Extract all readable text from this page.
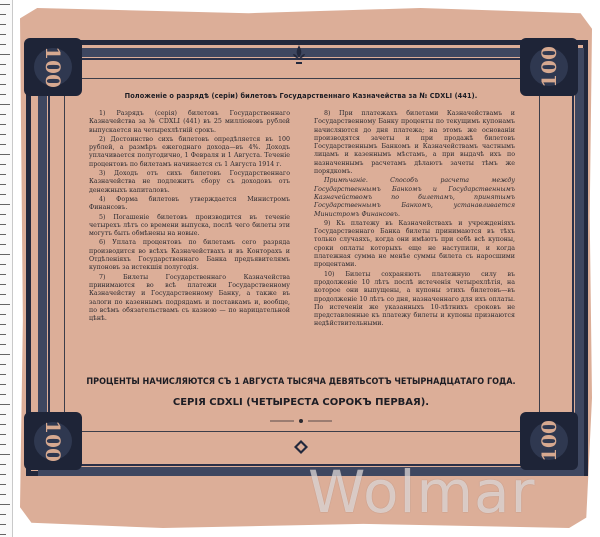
100	100
100	100
Положеніе о разрядѣ (серіи) билетовъ Государственнаго Казначейства за № CDXLI (441).

1) Разрядъ (серія) билетовъ Государственнаго Казначейства за № CDXLI (441) въ 25 милліоновъ рублей выпускается на четырехлѣтній срокъ.

2) Достоинство сихъ билетовъ опредѣляется въ 100 рублей, а размѣръ ежегоднаго дохода—въ 4%. Доходъ уплачивается полугодично, 1 Февраля и 1 Августа. Теченіе процентовъ по билетамъ начинается съ 1 Августа 1914 г.

3) Доходъ отъ сихъ билетовъ Государственнаго Казначейства не подлежитъ сбору съ доходовъ отъ денежныхъ капиталовъ.

4) Форма билетовъ утверждается Министромъ Финансовъ.

5) Погашеніе билетовъ производится въ теченіе четырехъ лѣтъ со времени выпуска, послѣ чего билеты эти могутъ быть обмѣнены на новые.

6) Уплата процентовъ по билетамъ сего разряда производится во всѣхъ Казначействахъ и въ Конторахъ и Отдѣленіяхъ Государственнаго Банка предъявителямъ купоновъ за истекшія полугодія.

7) Билеты Государственнаго Казначейства принимаются во всѣ платежи Государственному Казначейству и Государственному Банку, а также въ залоги по казеннымъ подрядамъ и поставкамъ и, вообще, по всѣмъ обязательствамъ съ казною — по нарицательной цѣнѣ.

8) При платежахъ билетами Казначействамъ и Государственному Банку проценты по текущимъ купонамъ начисляются до дня платежа; на этомъ же основаніи производятся зачеты и при продажѣ билетовъ Государственнымъ Банкомъ и Казначействамъ частнымъ лицамъ и казеннымъ мѣстамъ, а при выдачѣ ихъ по назначеннымъ расчетамъ дѣлаютъ зачеты тѣмъ же порядкомъ.

Примѣчаніе. Способъ расчета между Государственнымъ Банкомъ и Государственнымъ Казначействомъ по билетамъ, принятымъ Государственнымъ Банкомъ, устанавливается Министромъ Финансовъ.

9) Къ платежу въ Казначействахъ и учрежденіяхъ Государственнаго Банка билеты принимаются въ тѣхъ только случаяхъ, когда они имѣютъ при себѣ всѣ купоны, сроки оплаты которыхъ еще не наступили, и когда платежная сумма не менѣе суммы билета съ наросшими процентами.

10) Билеты сохраняютъ платежную силу въ продолженіе 10 лѣтъ послѣ истеченія четырехлѣтія, на которое они выпущены, а купоны этихъ билетовъ—въ продолженіе 10 лѣтъ со дня, назначеннаго для ихъ оплаты. По истеченіи же указанныхъ 10-лѣтнихъ сроковъ не представленные къ платежу билеты и купоны признаются недѣйствительными.

ПРОЦЕНТЫ НАЧИСЛЯЮТСЯ СЪ 1 АВГУСТА ТЫСЯЧА ДЕВЯТЬСОТЪ ЧЕТЫРНАДЦАТАГО ГОДА.
СЕРІЯ CDXLI (ЧЕТЫРЕСТА СОРОКЪ ПЕРВАЯ).
Wolmar
